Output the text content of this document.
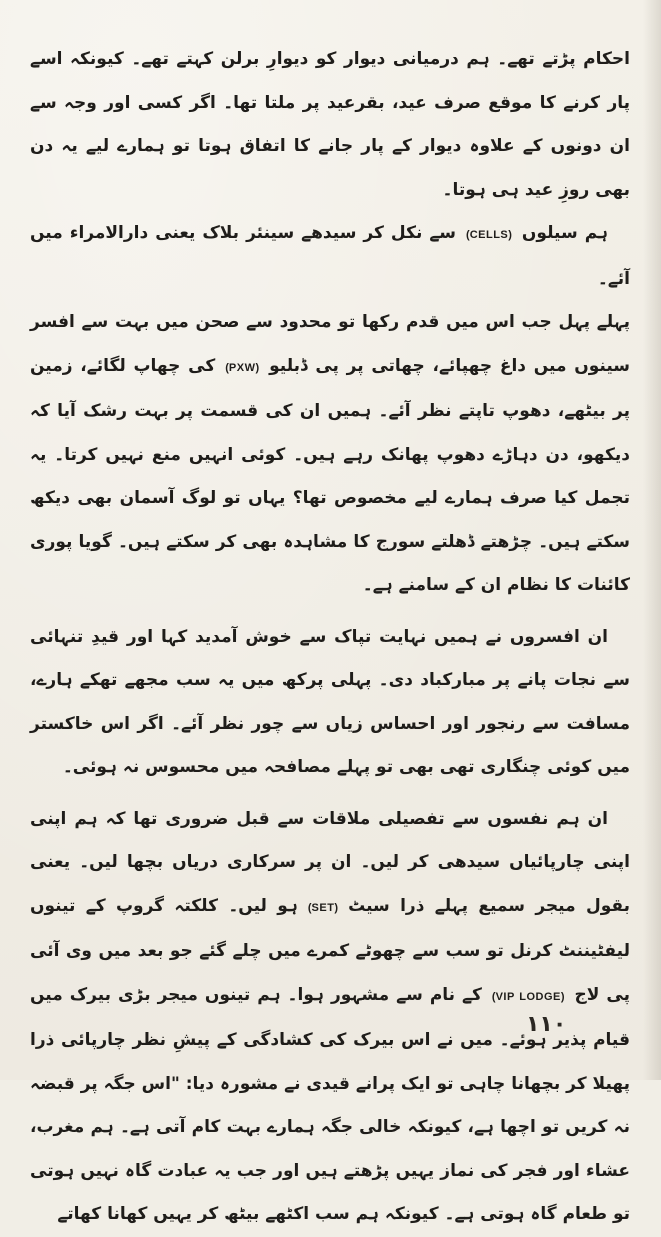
احکام پڑتے تھے۔ ہم درمیانی دیوار کو دیوارِ برلن کہتے تھے۔ کیونکہ اسے پار کرنے کا موقع صرف عید، بقرعید پر ملتا تھا۔ اگر کسی اور وجہ سے ان دونوں کے علاوہ دیوار کے پار جانے کا اتفاق ہوتا تو ہمارے لیے یہ دن بھی روزِ عید ہی ہوتا۔

ہم سیلوں(CELLS)سے نکل کر سیدھے سینئر بلاک یعنی دارالامراء میں آئے۔

پہلے پہل جب اس میں قدم رکھا تو محدود سے صحن میں بہت سے افسر سینوں میں داغ چھپائے، چھاتی پر پی ڈبلیو(PXW)کی چھاپ لگائے، زمین پر بیٹھے، دھوپ تاپتے نظر آئے۔ ہمیں ان کی قسمت پر بہت رشک آیا کہ دیکھو، دن دہاڑے دھوپ پھانک رہے ہیں۔ کوئی انہیں منع نہیں کرتا۔ یہ تجمل کیا صرف ہمارے لیے مخصوص تھا؟ یہاں تو لوگ آسمان بھی دیکھ سکتے ہیں۔ چڑھتے ڈھلتے سورج کا مشاہدہ بھی کر سکتے ہیں۔ گویا پوری کائنات کا نظام ان کے سامنے ہے۔

ان افسروں نے ہمیں نہایت تپاک سے خوش آمدید کہا اور قیدِ تنہائی سے نجات پانے پر مبارکباد دی۔ پہلی پرکھ میں یہ سب مجھے تھکے ہارے، مسافت سے رنجور اور احساس زیاں سے چور نظر آئے۔ اگر اس خاکستر میں کوئی چنگاری تھی بھی تو پہلے مصافحہ میں محسوس نہ ہوئی۔

ان ہم نفسوں سے تفصیلی ملاقات سے قبل ضروری تھا کہ ہم اپنی اپنی چارپائیاں سیدھی کر لیں۔ ان پر سرکاری دریاں بچھا لیں۔ یعنی بقول میجر سمیع پہلے ذرا سیٹ(SET)ہو لیں۔ کلکتہ گروپ کے تینوں لیفٹیننٹ کرنل تو سب سے چھوٹے کمرے میں چلے گئے جو بعد میں وی آئی پی لاج(VIP LODGE)کے نام سے مشہور ہوا۔ ہم تینوں میجر بڑی بیرک میں قیام پذیر ہوئے۔ میں نے اس بیرک کی کشادگی کے پیشِ نظر چارپائی ذرا پھیلا کر بچھانا چاہی تو ایک پرانے قیدی نے مشورہ دیا: "اس جگہ پر قبضہ نہ کریں تو اچھا ہے، کیونکہ خالی جگہ ہمارے بہت کام آتی ہے۔ ہم مغرب، عشاء اور فجر کی نماز یہیں پڑھتے ہیں اور جب یہ عبادت گاہ نہیں ہوتی تو طعام گاہ ہوتی ہے۔ کیونکہ ہم سب اکٹھے بیٹھ کر یہیں کھانا کھاتے

۱۱۰
